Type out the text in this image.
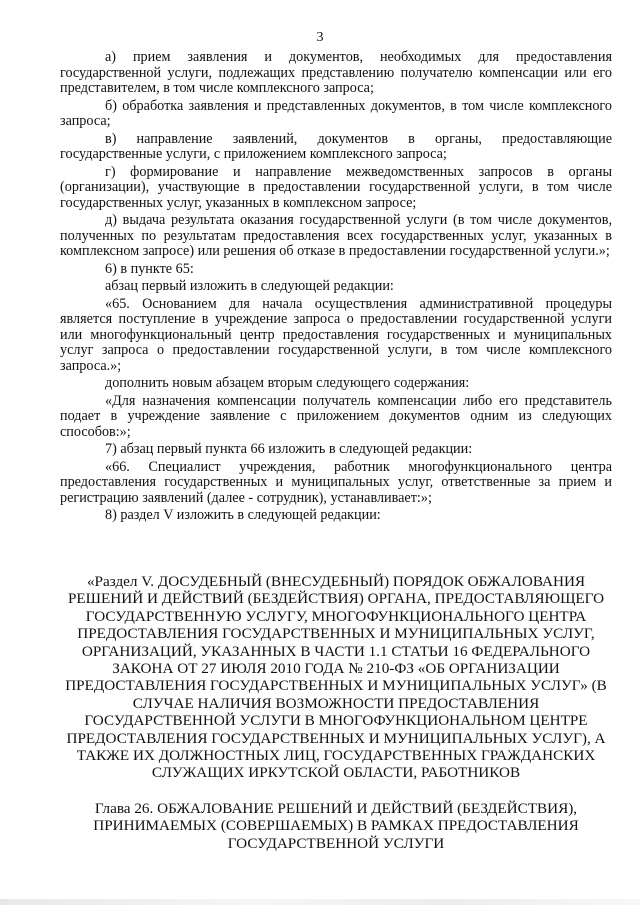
3

а) прием заявления и документов, необходимых для предоставления государственной услуги, подлежащих представлению получателю компенсации или его представителем, в том числе комплексного запроса;

б) обработка заявления и представленных документов, в том числе комплексного запроса;

в) направление заявлений, документов в органы, предоставляющие государственные услуги, с приложением комплексного запроса;

г) формирование и направление межведомственных запросов в органы (организации), участвующие в предоставлении государственной услуги, в том числе государственных услуг, указанных в комплексном запросе;

д) выдача результата оказания государственной услуги (в том числе документов, полученных по результатам предоставления всех государственных услуг, указанных в комплексном запросе) или решения об отказе в предоставлении государственной услуги.»;

6) в пункте 65:

абзац первый изложить в следующей редакции:

«65. Основанием для начала осуществления административной процедуры является поступление в учреждение запроса о предоставлении государственной услуги или многофункциональный центр предоставления государственных и муниципальных услуг запроса о предоставлении государственной услуги, в том числе комплексного запроса.»;

дополнить новым абзацем вторым следующего содержания:

«Для назначения компенсации получатель компенсации либо его представитель подает в учреждение заявление с приложением документов одним из следующих способов:»;

7) абзац первый пункта 66 изложить в следующей редакции:

«66. Специалист учреждения, работник многофункционального центра предоставления государственных и муниципальных услуг, ответственные за прием и регистрацию заявлений (далее - сотрудник), устанавливает:»;

8) раздел V изложить в следующей редакции:

«Раздел V. ДОСУДЕБНЫЙ (ВНЕСУДЕБНЫЙ) ПОРЯДОК ОБЖАЛОВАНИЯ РЕШЕНИЙ И ДЕЙСТВИЙ (БЕЗДЕЙСТВИЯ) ОРГАНА, ПРЕДОСТАВЛЯЮЩЕГО ГОСУДАРСТВЕННУЮ УСЛУГУ, МНОГОФУНКЦИОНАЛЬНОГО ЦЕНТРА ПРЕДОСТАВЛЕНИЯ ГОСУДАРСТВЕННЫХ И МУНИЦИПАЛЬНЫХ УСЛУГ, ОРГАНИЗАЦИЙ, УКАЗАННЫХ В ЧАСТИ 1.1 СТАТЬИ 16 ФЕДЕРАЛЬНОГО ЗАКОНА ОТ 27 ИЮЛЯ 2010 ГОДА № 210-ФЗ «ОБ ОРГАНИЗАЦИИ ПРЕДОСТАВЛЕНИЯ ГОСУДАРСТВЕННЫХ И МУНИЦИПАЛЬНЫХ УСЛУГ» (В СЛУЧАЕ НАЛИЧИЯ ВОЗМОЖНОСТИ ПРЕДОСТАВЛЕНИЯ ГОСУДАРСТВЕННОЙ УСЛУГИ В МНОГОФУНКЦИОНАЛЬНОМ ЦЕНТРЕ ПРЕДОСТАВЛЕНИЯ ГОСУДАРСТВЕННЫХ И МУНИЦИПАЛЬНЫХ УСЛУГ), А ТАКЖЕ ИХ ДОЛЖНОСТНЫХ ЛИЦ, ГОСУДАРСТВЕННЫХ ГРАЖДАНСКИХ СЛУЖАЩИХ ИРКУТСКОЙ ОБЛАСТИ, РАБОТНИКОВ
Глава 26. ОБЖАЛОВАНИЕ РЕШЕНИЙ И ДЕЙСТВИЙ (БЕЗДЕЙСТВИЯ), ПРИНИМАЕМЫХ (СОВЕРШАЕМЫХ) В РАМКАХ ПРЕДОСТАВЛЕНИЯ ГОСУДАРСТВЕННОЙ УСЛУГИ
